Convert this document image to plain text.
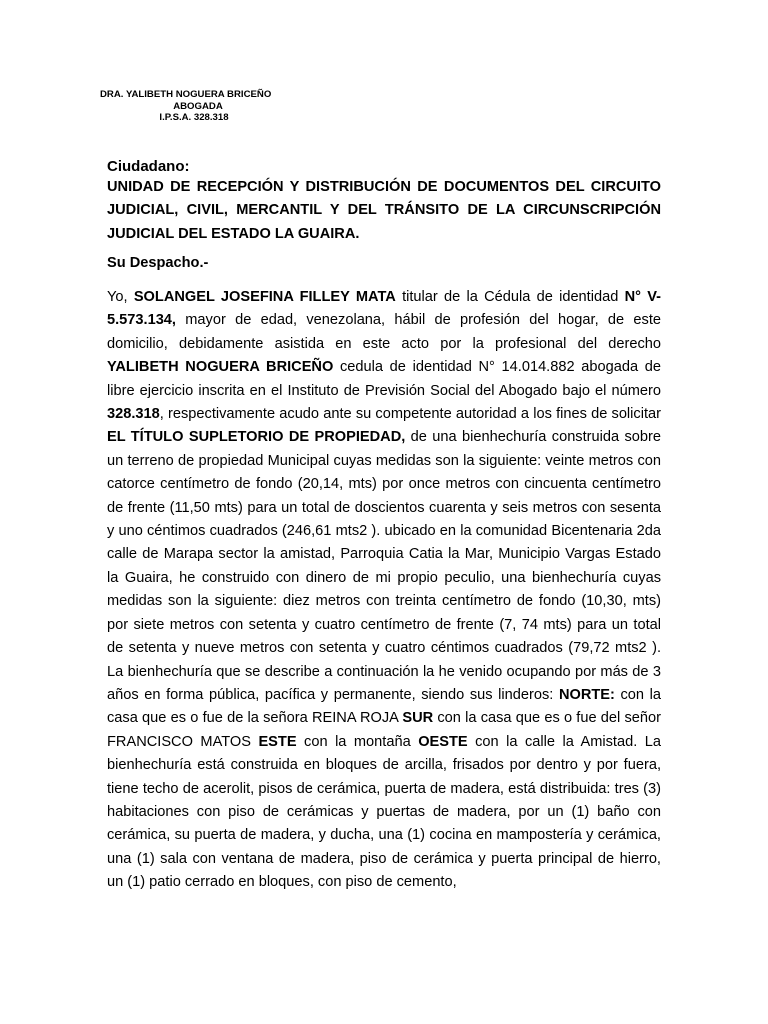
DRA. YALIBETH NOGUERA BRICEÑO
ABOGADA
I.P.S.A. 328.318
Ciudadano:
UNIDAD DE RECEPCIÓN Y DISTRIBUCIÓN DE DOCUMENTOS DEL CIRCUITO JUDICIAL, CIVIL, MERCANTIL Y DEL TRÁNSITO DE LA CIRCUNSCRIPCIÓN JUDICIAL DEL ESTADO LA GUAIRA.
Su Despacho.-
Yo, SOLANGEL JOSEFINA FILLEY MATA titular de la Cédula de identidad N° V- 5.573.134, mayor de edad, venezolana, hábil de profesión del hogar, de este domicilio, debidamente asistida en este acto por la profesional del derecho YALIBETH NOGUERA BRICEÑO cedula de identidad N° 14.014.882 abogada de libre ejercicio inscrita en el Instituto de Previsión Social del Abogado bajo el número 328.318, respectivamente acudo ante su competente autoridad a los fines de solicitar EL TÍTULO SUPLETORIO DE PROPIEDAD, de una bienhechuría construida sobre un terreno de propiedad Municipal cuyas medidas son la siguiente: veinte metros con catorce centímetro de fondo (20,14, mts) por once metros con cincuenta centímetro de frente (11,50 mts) para un total de doscientos cuarenta y seis metros con sesenta y uno céntimos cuadrados (246,61 mts2 ). ubicado en la comunidad Bicentenaria 2da calle de Marapa sector la amistad, Parroquia Catia la Mar, Municipio Vargas Estado la Guaira, he construido con dinero de mi propio peculio, una bienhechuría cuyas medidas son la siguiente: diez metros con treinta centímetro de fondo (10,30, mts) por siete metros con setenta y cuatro centímetro de frente (7, 74 mts) para un total de setenta y nueve metros con setenta y cuatro céntimos cuadrados (79,72 mts2 ). La bienhechuría que se describe a continuación la he venido ocupando por más de 3 años en forma pública, pacífica y permanente, siendo sus linderos: NORTE: con la casa que es o fue de la señora REINA ROJA SUR con la casa que es o fue del señor FRANCISCO MATOS ESTE con la montaña OESTE con la calle la Amistad. La bienhechuría está construida en bloques de arcilla, frisados por dentro y por fuera, tiene techo de acerolit, pisos de cerámica, puerta de madera, está distribuida: tres (3) habitaciones con piso de cerámicas y puertas de madera, por un (1) baño con cerámica, su puerta de madera, y ducha, una (1) cocina en mampostería y cerámica, una (1) sala con ventana de madera, piso de cerámica y puerta principal de hierro, un (1) patio cerrado en bloques, con piso de cemento,
